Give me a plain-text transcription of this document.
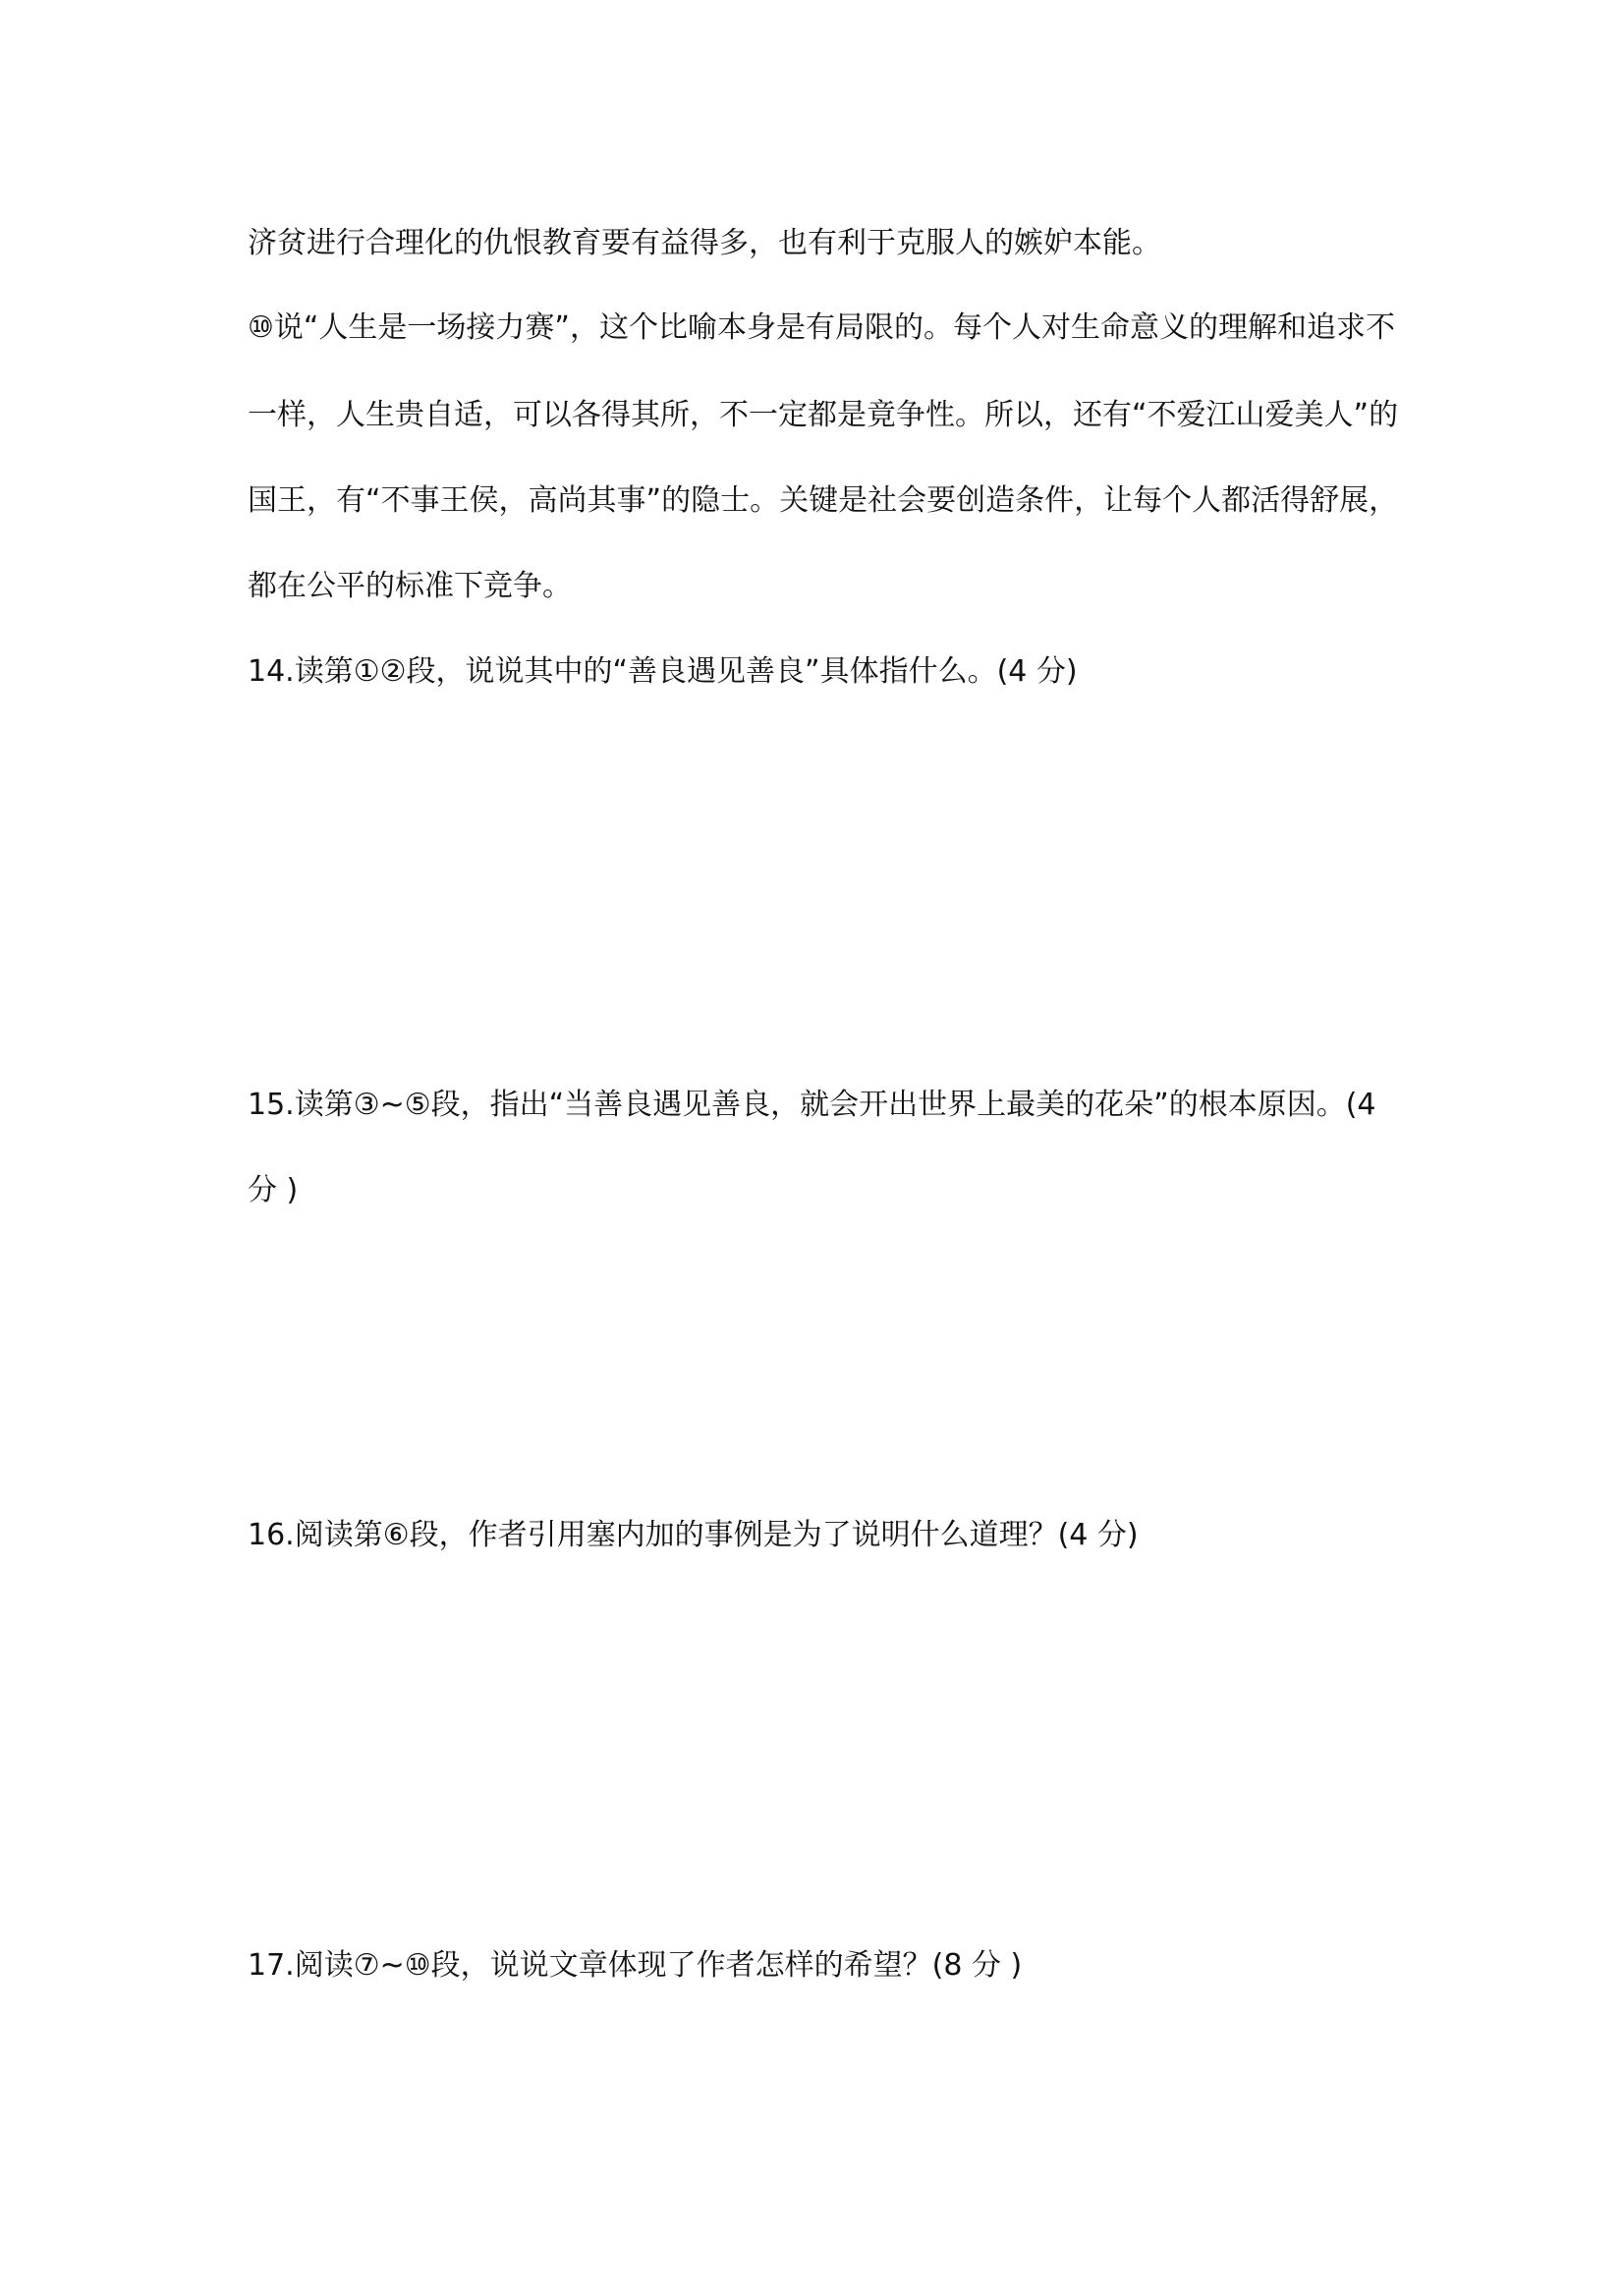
济贫进行合理化的仇恨教育要有益得多，也有利于克服人的嫉妒本能。
⑩说“人生是一场接力赛”，这个比喻本身是有局限的。每个人对生命意义的理解和追求不
一样，人生贵自适，可以各得其所，不一定都是竟争性。所以，还有“不爱江山爱美人”的
国王，有“不事王侯，高尚其事”的隐士。关键是社会要创造条件，让每个人都活得舒展，
都在公平的标准下竞争。
14.读第①②段，说说其中的“善良遇见善良”具体指什么。(4 分)
15.读第③~⑤段，指出“当善良遇见善良，就会开出世界上最美的花朵”的根本原因。(4
分 )
16.阅读第⑥段，作者引用塞内加的事例是为了说明什么道理？(4 分)
17.阅读⑦~⑩段，说说文章体现了作者怎样的希望？(8 分 )
